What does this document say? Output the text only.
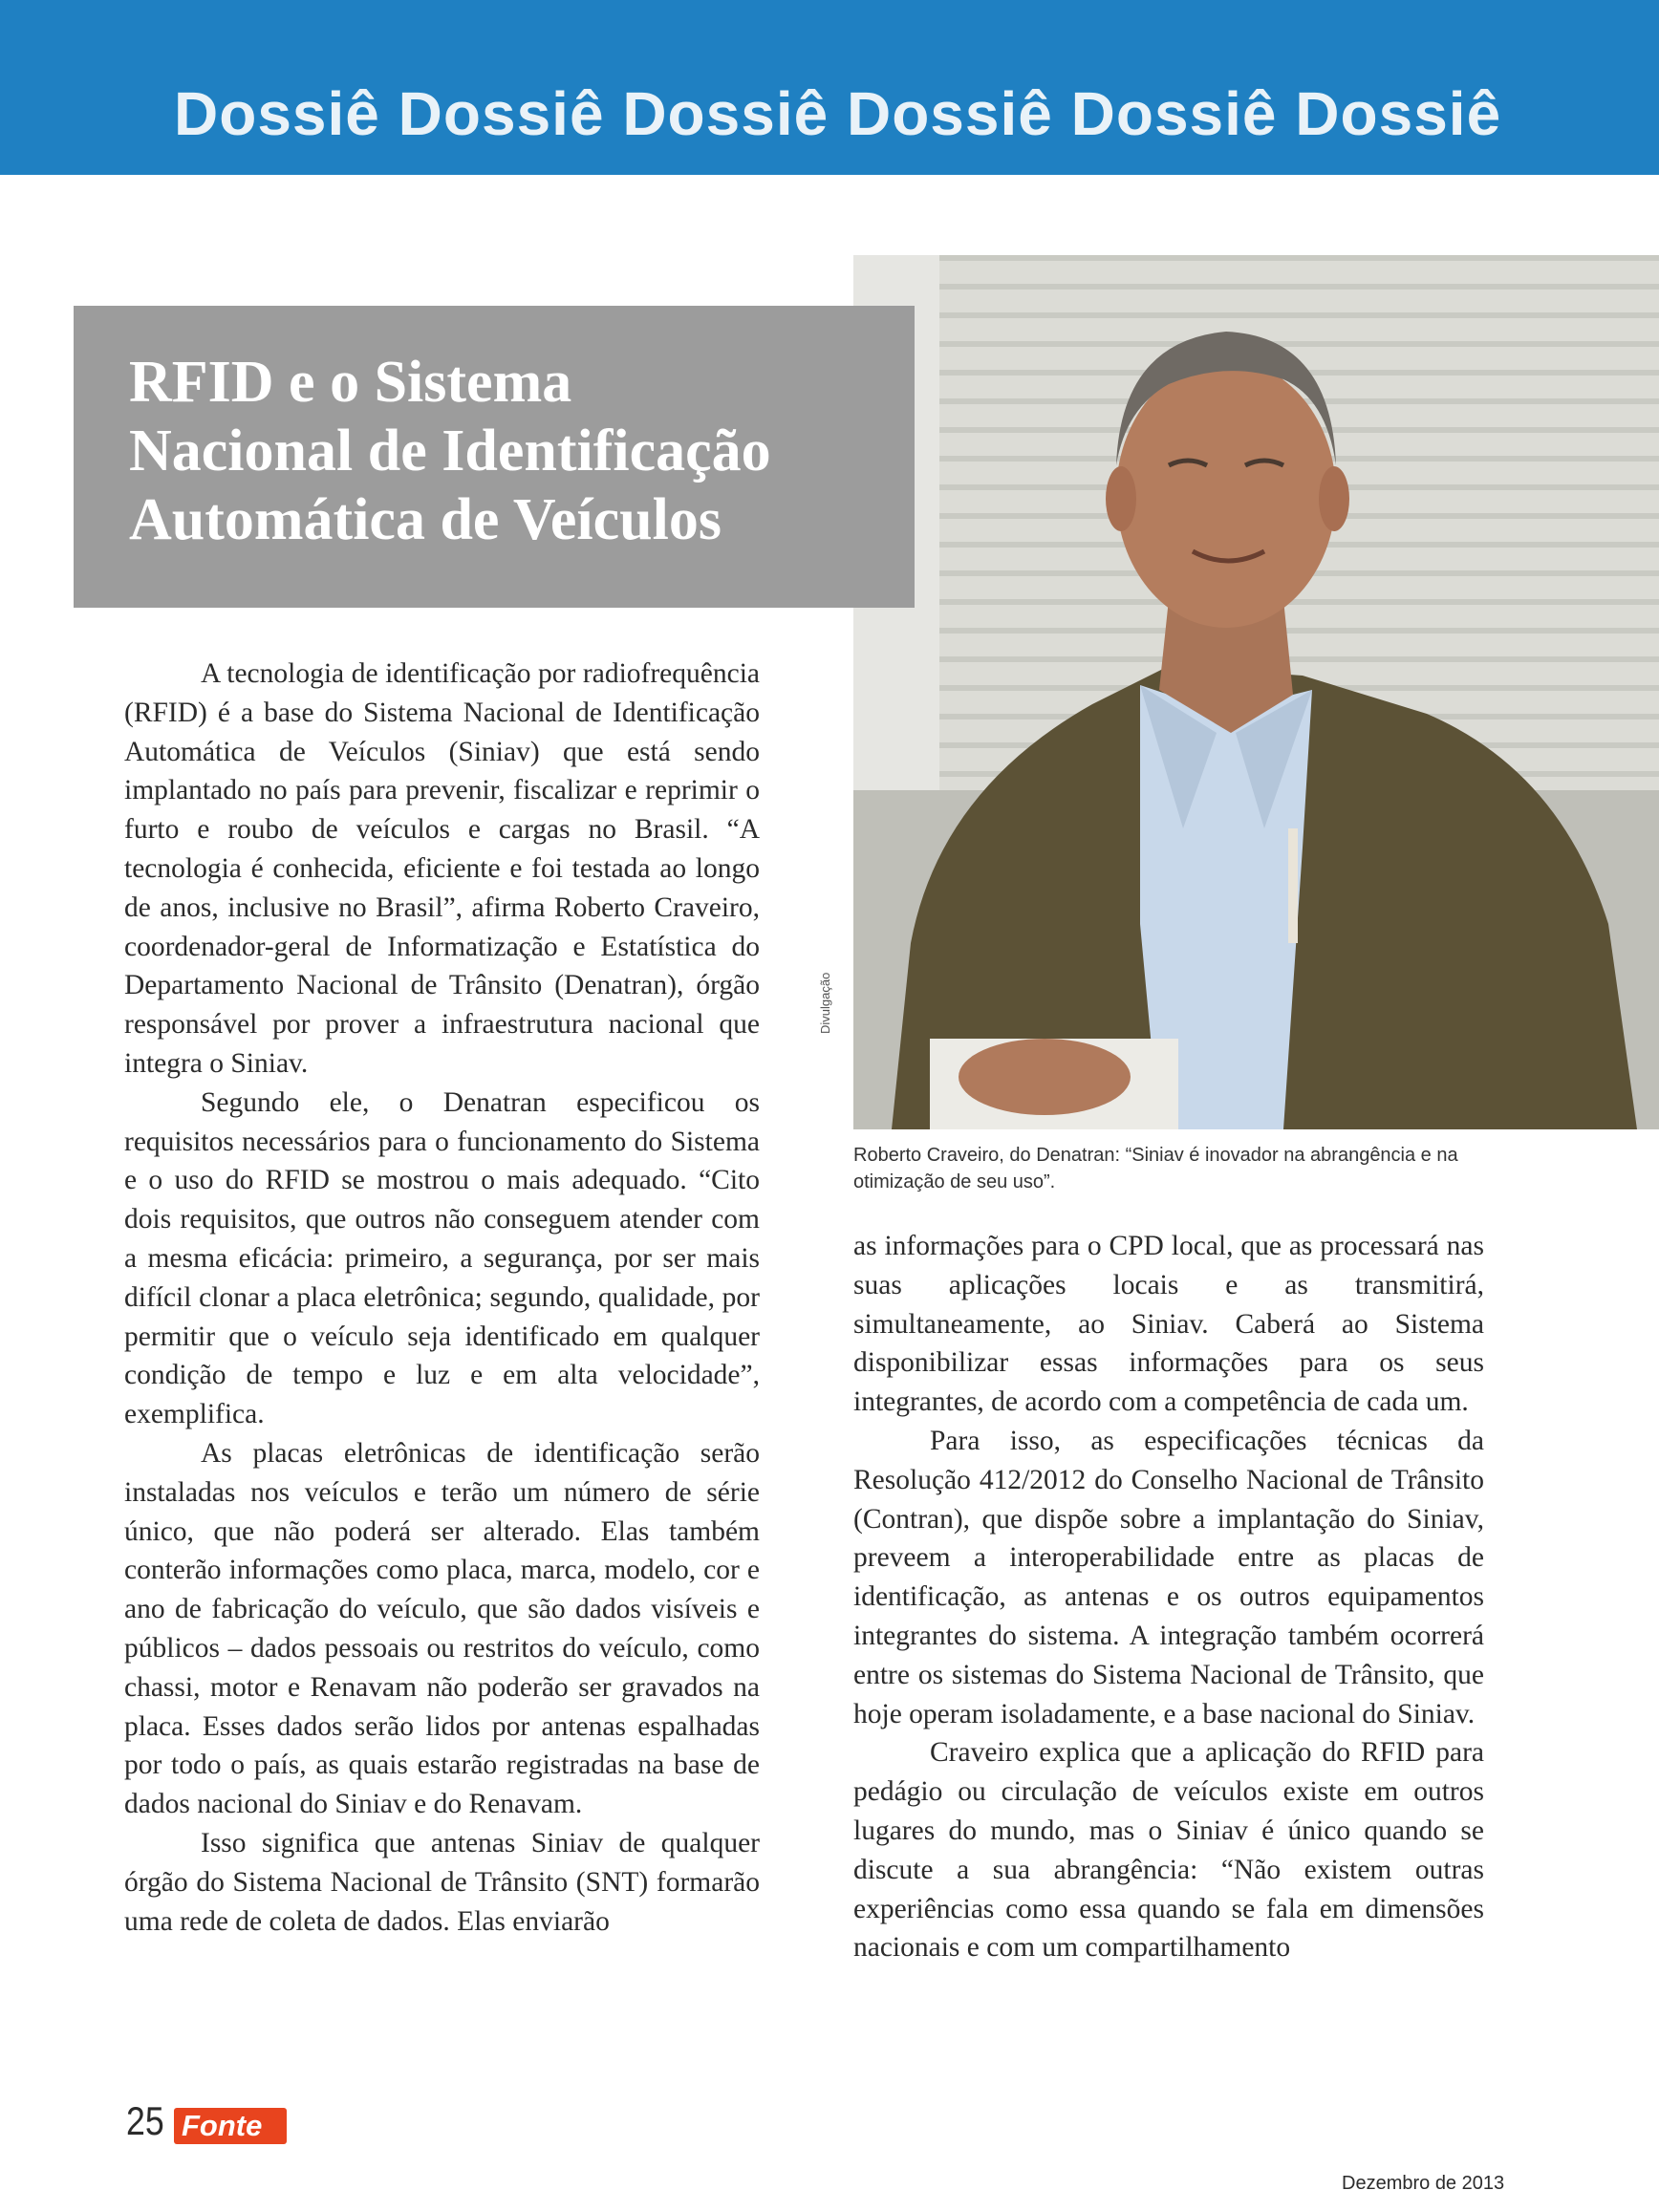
Dossiê Dossiê Dossiê Dossiê Dossiê Dossiê
Divulgação
RFID e o Sistema
Nacional de Identificação
Automática de Veículos
Roberto Craveiro, do Denatran: “Siniav é inovador na abrangência e na otimização de seu uso”.

A tecnologia de identificação por radiofrequência (RFID) é a base do Sistema Nacional de Identificação Automática de Veículos (Siniav) que está sendo implantado no país para prevenir, fiscalizar e reprimir o furto e roubo de veículos e cargas no Brasil. “A tecnologia é conhecida, eficiente e foi testada ao longo de anos, inclusive no Brasil”, afirma Roberto Craveiro, coordenador-geral de Informatização e Estatística do Departamento Nacional de Trânsito (Denatran), órgão responsável por prover a infraestrutura nacional que integra o Siniav.

Segundo ele, o Denatran especificou os requisitos necessários para o funcionamento do Sistema e o uso do RFID se mostrou o mais adequado. “Cito dois requisitos, que outros não conseguem atender com a mesma eficácia: primeiro, a segurança, por ser mais difícil clonar a placa eletrônica; segundo, qualidade, por permitir que o veículo seja identificado em qualquer condição de tempo e luz e em alta velocidade”, exemplifica.

As placas eletrônicas de identificação serão instaladas nos veículos e terão um número de série único, que não poderá ser alterado. Elas também conterão informações como placa, marca, modelo, cor e ano de fabricação do veículo, que são dados visíveis e públicos – dados pessoais ou restritos do veículo, como chassi, motor e Renavam não poderão ser gravados na placa. Esses dados serão lidos por antenas espalhadas por todo o país, as quais estarão registradas na base de dados nacional do Siniav e do Renavam.

Isso significa que antenas Siniav de qualquer órgão do Sistema Nacional de Trânsito (SNT) formarão uma rede de coleta de dados. Elas enviarão

as informações para o CPD local, que as processará nas suas aplicações locais e as transmitirá, simultaneamente, ao Siniav. Caberá ao Sistema disponibilizar essas informações para os seus integrantes, de acordo com a competência de cada um.

Para isso, as especificações técnicas da Resolução 412/2012 do Conselho Nacional de Trânsito (Contran), que dispõe sobre a implantação do Siniav, preveem a interoperabilidade entre as placas de identificação, as antenas e os outros equipamentos integrantes do sistema. A integração também ocorrerá entre os sistemas do Sistema Nacional de Trânsito, que hoje operam isoladamente, e a base nacional do Siniav.

Craveiro explica que a aplicação do RFID para pedágio ou circulação de veículos existe em outros lugares do mundo, mas o Siniav é único quando se discute a sua abrangência: “Não existem outras experiências como essa quando se fala em dimensões nacionais e com um compartilhamento

25 Fonte
Dezembro de 2013
